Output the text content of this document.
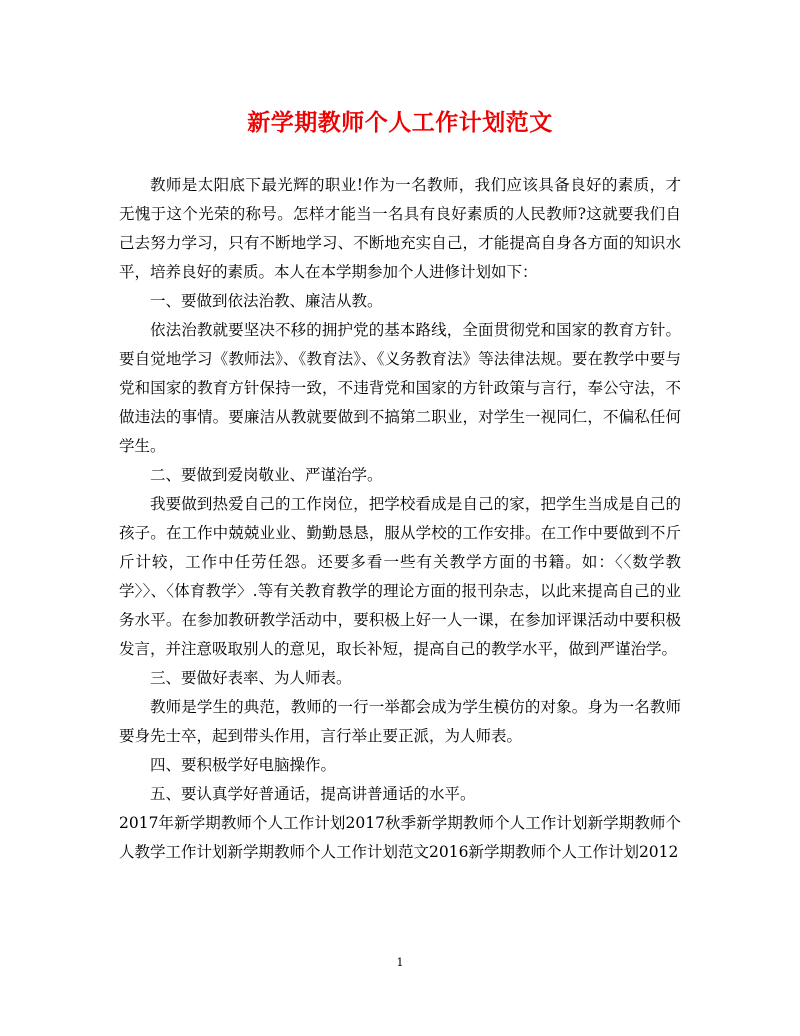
新学期教师个人工作计划范文

教师是太阳底下最光辉的职业!作为一名教师，我们应该具备良好的素质，才无愧于这个光荣的称号。怎样才能当一名具有良好素质的人民教师?这就要我们自己去努力学习，只有不断地学习、不断地充实自己，才能提高自身各方面的知识水平，培养良好的素质。本人在本学期参加个人进修计划如下：

一、要做到依法治教、廉洁从教。

依法治教就要坚决不移的拥护党的基本路线，全面贯彻党和国家的教育方针。要自觉地学习《教师法》、《教育法》、《义务教育法》等法律法规。要在教学中要与党和国家的教育方针保持一致，不违背党和国家的方针政策与言行，奉公守法，不做违法的事情。要廉洁从教就要做到不搞第二职业，对学生一视同仁，不偏私任何学生。

二、要做到爱岗敬业、严谨治学。

我要做到热爱自己的工作岗位，把学校看成是自己的家，把学生当成是自己的孩子。在工作中兢兢业业、勤勤恳恳，服从学校的工作安排。在工作中要做到不斤斤计较，工作中任劳任怨。还要多看一些有关教学方面的书籍。如：〈〈数学教学〉〉、〈体育教学〉.等有关教育教学的理论方面的报刊杂志，以此来提高自己的业务水平。在参加教研教学活动中，要积极上好一人一课，在参加评课活动中要积极发言，并注意吸取别人的意见，取长补短，提高自己的教学水平，做到严谨治学。

三、要做好表率、为人师表。

教师是学生的典范，教师的一行一举都会成为学生模仿的对象。身为一名教师要身先士卒，起到带头作用，言行举止要正派，为人师表。

四、要积极学好电脑操作。

五、要认真学好普通话，提高讲普通话的水平。

2017年新学期教师个人工作计划2017秋季新学期教师个人工作计划新学期教师个人教学工作计划新学期教师个人工作计划范文2016新学期教师个人工作计划2012

1
